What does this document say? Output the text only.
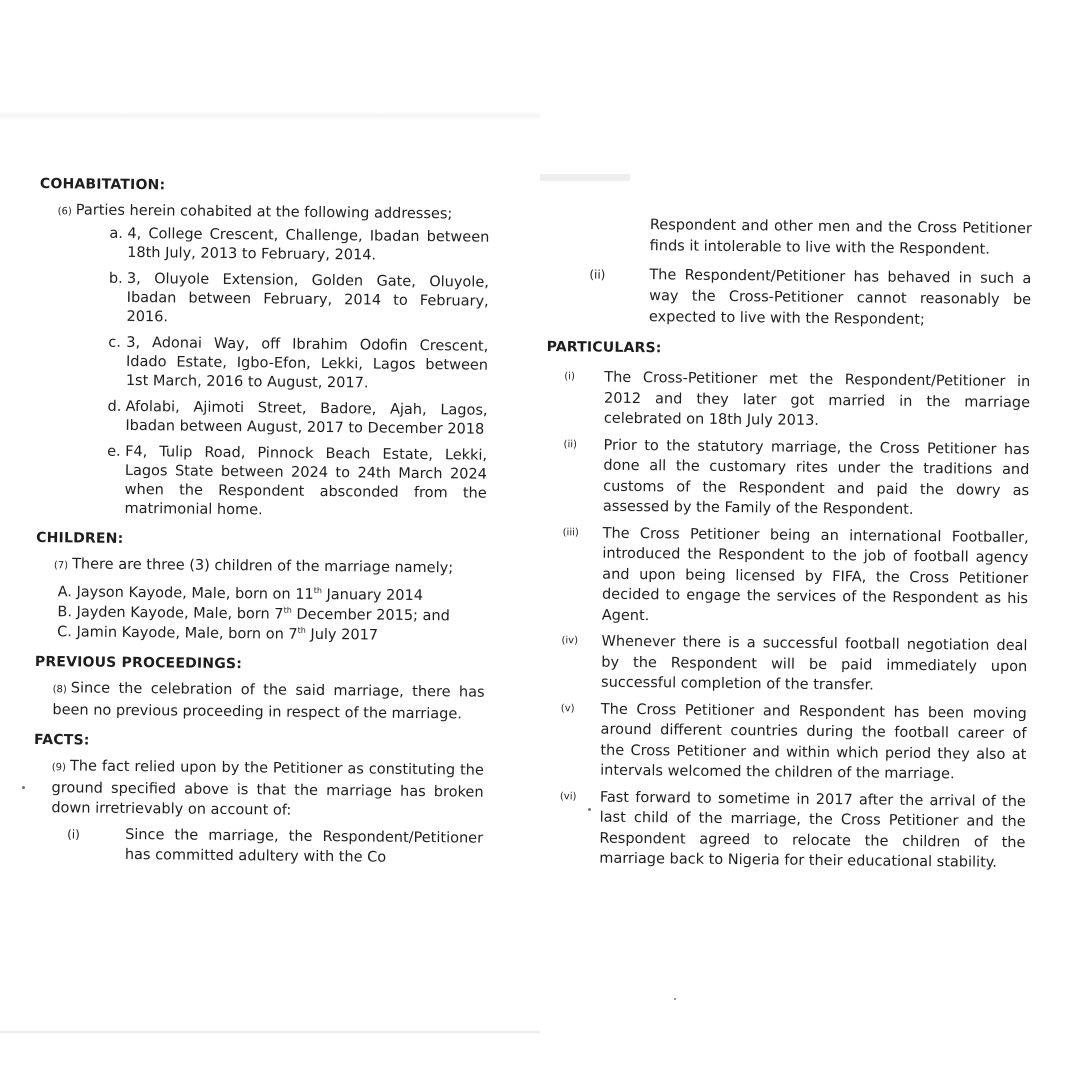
COHABITATION:
(6) Parties herein cohabited at the following addresses;
a. 4, College Crescent, Challenge, Ibadan between 18th July, 2013 to February, 2014.
b. 3, Oluyole Extension, Golden Gate, Oluyole, Ibadan between February, 2014 to February, 2016.
c. 3, Adonai Way, off Ibrahim Odofin Crescent, Idado Estate, Igbo-Efon, Lekki, Lagos between 1st March, 2016 to August, 2017.
d. Afolabi, Ajimoti Street, Badore, Ajah, Lagos, Ibadan between August, 2017 to December 2018
e. F4, Tulip Road, Pinnock Beach Estate, Lekki, Lagos State between 2024 to 24th March 2024 when the Respondent absconded from the matrimonial home.
CHILDREN:
(7) There are three (3) children of the marriage namely;
A. Jayson Kayode, Male, born on 11th January 2014
B. Jayden Kayode, Male, born 7th December 2015; and
C. Jamin Kayode, Male, born on 7th July 2017
PREVIOUS PROCEEDINGS:
(8) Since the celebration of the said marriage, there has been no previous proceeding in respect of the marriage.
FACTS:
(9) The fact relied upon by the Petitioner as constituting the ground specified above is that the marriage has broken down irretrievably on account of:
(i)	Since the marriage, the Respondent/Petitioner has committed adultery with the Co
Respondent and other men and the Cross Petitioner finds it intolerable to live with the Respondent.
(ii)	The Respondent/Petitioner has behaved in such a way the Cross-Petitioner cannot reasonably be expected to live with the Respondent;
PARTICULARS:
(i)	The Cross-Petitioner met the Respondent/Petitioner in 2012 and they later got married in the marriage celebrated on 18th July 2013.
(ii)	Prior to the statutory marriage, the Cross Petitioner has done all the customary rites under the traditions and customs of the Respondent and paid the dowry as assessed by the Family of the Respondent.
(iii)	The Cross Petitioner being an international Footballer, introduced the Respondent to the job of football agency and upon being licensed by FIFA, the Cross Petitioner decided to engage the services of the Respondent as his Agent.
(iv)	Whenever there is a successful football negotiation deal by the Respondent will be paid immediately upon successful completion of the transfer.
(v)	The Cross Petitioner and Respondent has been moving around different countries during the football career of the Cross Petitioner and within which period they also at intervals welcomed the children of the marriage.
(vi)	Fast forward to sometime in 2017 after the arrival of the last child of the marriage, the Cross Petitioner and the Respondent agreed to relocate the children of the marriage back to Nigeria for their educational stability.
